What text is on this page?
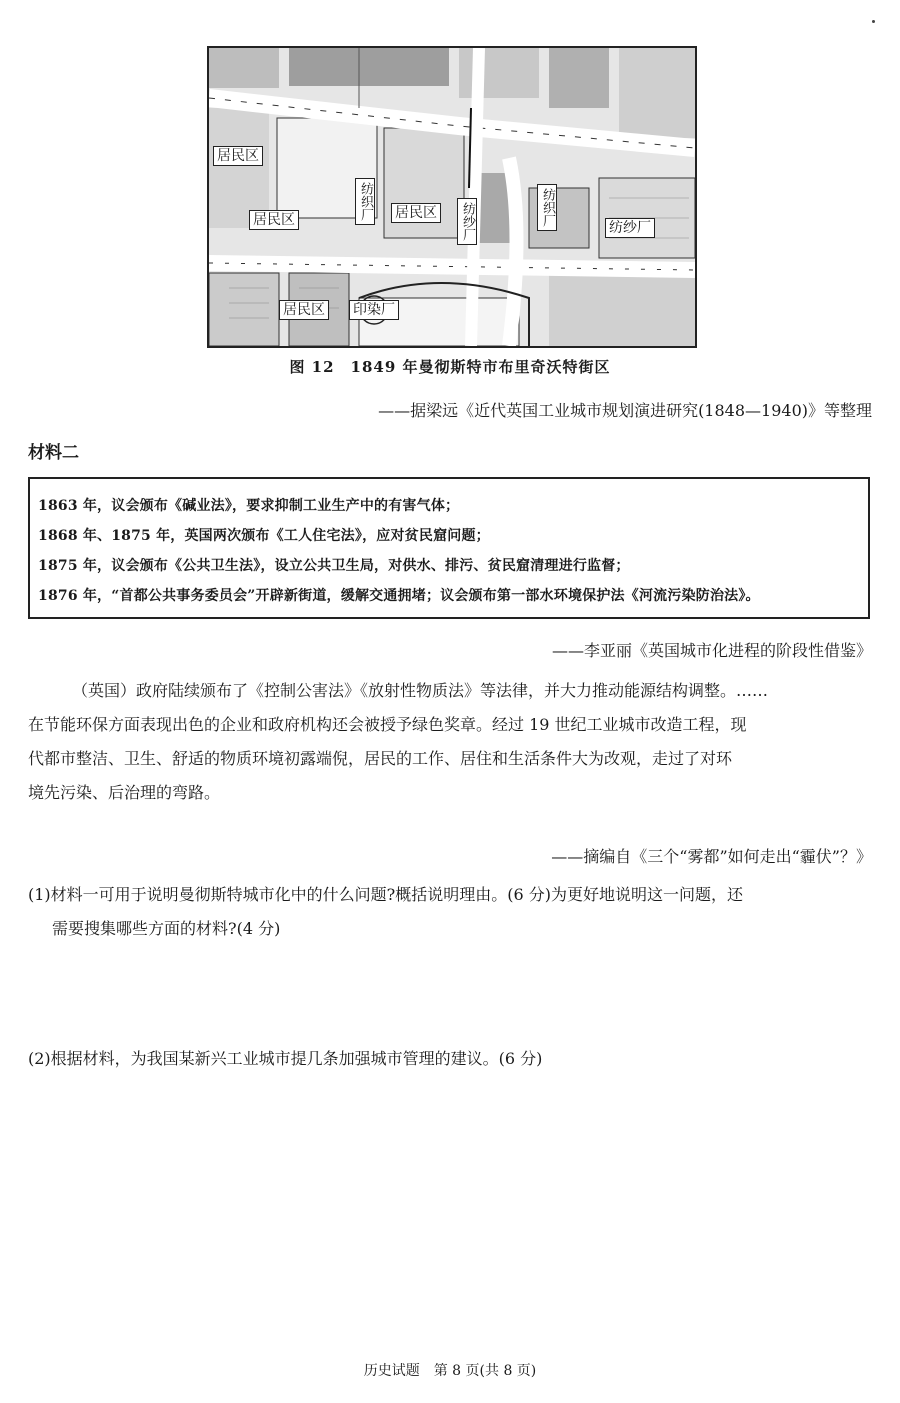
居民区
居民区	居民区
居民区
纺纱厂
印染厂
纺织厂
纺纱厂	纺织厂
图 12　1849 年曼彻斯特市布里奇沃特街区
——据梁远《近代英国工业城市规划演进研究(1848—1940)》等整理
材料二
1863 年，议会颁布《碱业法》，要求抑制工业生产中的有害气体；
1868 年、1875 年，英国两次颁布《工人住宅法》，应对贫民窟问题；
1875 年，议会颁布《公共卫生法》，设立公共卫生局，对供水、排污、贫民窟清理进行监督；
1876 年，“首都公共事务委员会”开辟新街道，缓解交通拥堵；议会颁布第一部水环境保护法《河流污染防治法》。
——李亚丽《英国城市化进程的阶段性借鉴》

（英国）政府陆续颁布了《控制公害法》《放射性物质法》等法律，并大力推动能源结构调整。……

在节能环保方面表现出色的企业和政府机构还会被授予绿色奖章。经过 19 世纪工业城市改造工程，现

代都市整洁、卫生、舒适的物质环境初露端倪，居民的工作、居住和生活条件大为改观，走过了对环

境先污染、后治理的弯路。

——摘编自《三个“雾都”如何走出“霾伏”？》
(1)材料一可用于说明曼彻斯特城市化中的什么问题?概括说明理由。(6 分)为更好地说明这一问题，还
需要搜集哪些方面的材料?(4 分)
(2)根据材料，为我国某新兴工业城市提几条加强城市管理的建议。(6 分)
历史试题　第 8 页(共 8 页)
